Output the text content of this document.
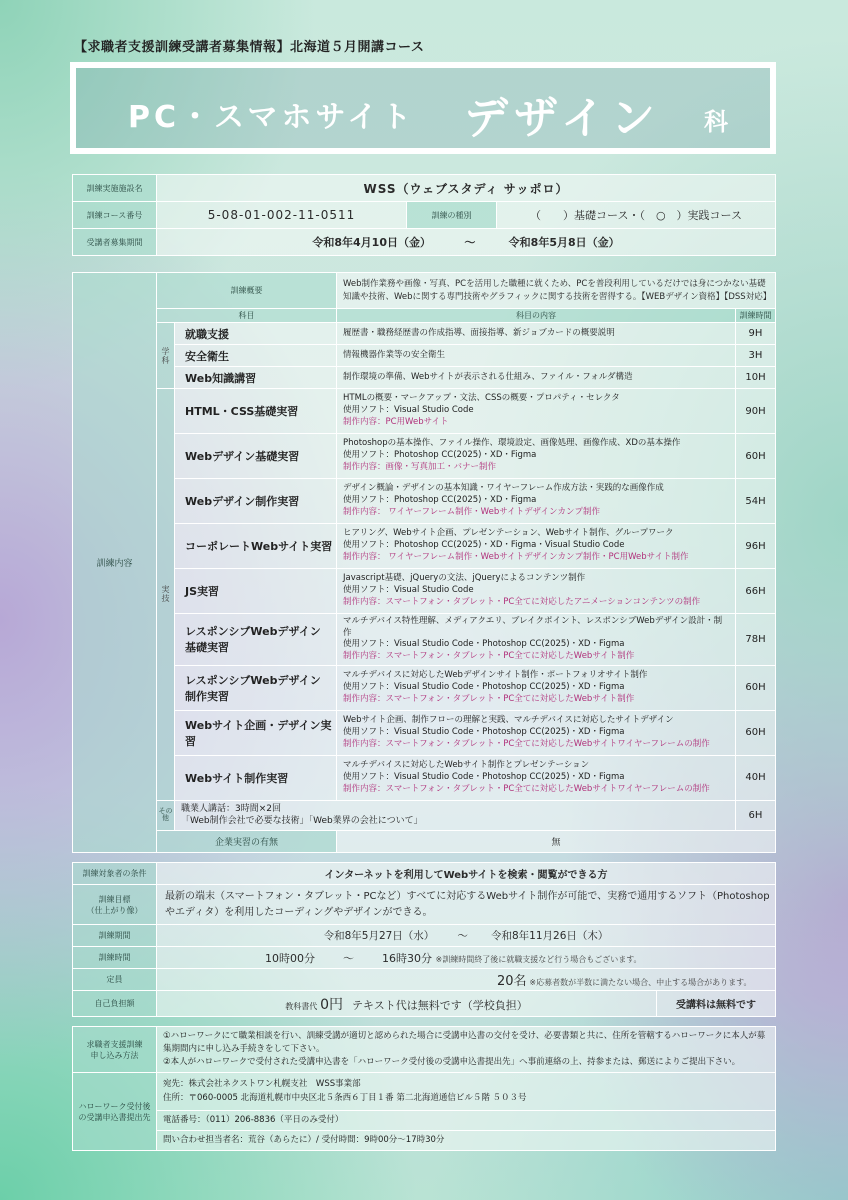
【求職者支援訓練受講者募集情報】北海道５月開講コース
PC・スマホサイト デザイン 科
訓練実施施設名	WSS（ウェブスタディ サッポロ）		
訓練コース番号	5-08-01-002-11-0511	訓練の種別	（　　）基礎コース・（　○　）実践コース
受講者募集期間	令和8年4月10日（金） 〜 令和8年5月8日（金）		
訓練内容	訓練概要		Web制作業務や画像・写真、PCを活用した職種に就くため、PCを普段利用しているだけでは身につかない基礎知識や技術、Webに関する専門技術やグラフィックに関する技術を習得する。【WEBデザイン資格】【DSS対応】	
	科目		科目の内容	訓練時間
	学科	就職支援	履歴書・職務経歴書の作成指導、面接指導、新ジョブカードの概要説明	9H
		安全衛生	情報機器作業等の安全衛生	3H
		Web知識講習	制作環境の準備、Webサイトが表示される仕組み、ファイル・フォルダ構造	10H
	実技	HTML・CSS基礎実習	HTMLの概要・マークアップ・文法、CSSの概要・プロパティ・セレクタ
使用ソフト：Visual Studio Code
制作内容：PC用Webサイト	90H
		Webデザイン基礎実習	Photoshopの基本操作、ファイル操作、環境設定、画像処理、画像作成、XDの基本操作
使用ソフト：Photoshop CC(2025)・XD・Figma
制作内容：画像・写真加工・バナー制作	60H
		Webデザイン制作実習	デザイン概論・デザインの基本知識・ワイヤーフレーム作成方法・実践的な画像作成
使用ソフト：Photoshop CC(2025)・XD・Figma
制作内容： ワイヤーフレーム制作・Webサイトデザインカンプ制作	54H
		コーポレートWebサイト実習	ヒアリング、Webサイト企画、プレゼンテーション、Webサイト制作、グループワーク
使用ソフト：Photoshop CC(2025)・XD・Figma・Visual Studio Code
制作内容： ワイヤーフレーム制作・Webサイトデザインカンプ制作・PC用Webサイト制作	96H
		JS実習	Javascript基礎、jQueryの文法、jQueryによるコンテンツ制作
使用ソフト：Visual Studio Code
制作内容：スマートフォン・タブレット・PC全てに対応したアニメーションコンテンツの制作	66H
		レスポンシブWebデザイン
基礎実習	マルチデバイス特性理解、メディアクエリ、ブレイクポイント、レスポンシブWebデザイン設計・制作
使用ソフト：Visual Studio Code・Photoshop CC(2025)・XD・Figma
制作内容：スマートフォン・タブレット・PC全てに対応したWebサイト制作	78H
		レスポンシブWebデザイン
制作実習	マルチデバイスに対応したWebデザインサイト制作・ポートフォリオサイト制作
使用ソフト：Visual Studio Code・Photoshop CC(2025)・XD・Figma
制作内容：スマートフォン・タブレット・PC全てに対応したWebサイト制作	60H
		Webサイト企画・デザイン実習	Webサイト企画、制作フローの理解と実践、マルチデバイスに対応したサイトデザイン
使用ソフト：Visual Studio Code・Photoshop CC(2025)・XD・Figma
制作内容：スマートフォン・タブレット・PC全てに対応したWebサイトワイヤーフレームの制作	60H
		Webサイト制作実習	マルチデバイスに対応したWebサイト制作とプレゼンテーション
使用ソフト：Visual Studio Code・Photoshop CC(2025)・XD・Figma
制作内容：スマートフォン・タブレット・PC全てに対応したWebサイトワイヤーフレームの制作	40H
	その他	職業人講話：3時間×2回
「Web制作会社で必要な技術」「Web業界の会社について」		6H
	企業実習の有無		無	
訓練対象者の条件	インターネットを利用してWebサイトを検索・閲覧ができる方	
訓練目標
（仕上がり像）	最新の端末（スマートフォン・タブレット・PCなど）すべてに対応するWebサイト制作が可能で、実務で通用するソフト（Photoshopやエディタ）を利用したコーディングやデザインができる。	
訓練期間	令和8年5月27日（水） 〜 令和8年11月26日（木）	
訓練時間	10時00分 〜 16時30分 ※訓練時間終了後に就職支援など行う場合もございます。	
定員	20名 ※応募者数が半数に満たない場合、中止する場合があります。	
自己負担額	教科書代 0円 テキスト代は無料です（学校負担）	受講料は無料です
求職者支援訓練
申し込み方法	①ハローワークにて職業相談を行い、訓練受講が適切と認められた場合に受講申込書の交付を受け、必要書類と共に、住所を管轄するハローワークに本人が募集期間内に申し込み手続きをして下さい。
②本人がハローワークで受付された受講申込書を「ハローワーク受付後の受講申込書提出先」へ事前連絡の上、持参または、郵送によりご提出下さい。
ハローワーク受付後
の受講申込書提出先	宛先：株式会社ネクストワン札幌支社　WSS事業部
住所：〒060-0005 北海道札幌市中央区北５条西６丁目１番 第二北海道通信ビル５階 ５０３号
	電話番号：（011）206-8836（平日のみ受付）
	問い合わせ担当者名：荒谷（あらたに）/ 受付時間：9時00分〜17時30分
